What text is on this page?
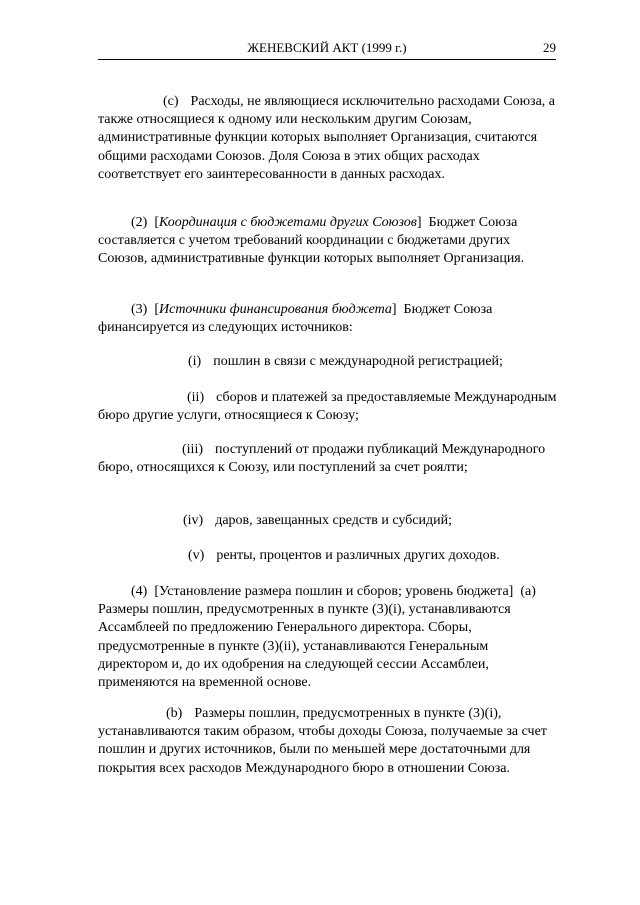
ЖЕНЕВСКИЙ АКТ (1999 г.)	29
(c) Расходы, не являющиеся исключительно расходами Союза, а также относящиеся к одному или нескольким другим Союзам, административные функции которых выполняет Организация, считаются общими расходами Союзов. Доля Союза в этих общих расходах соответствует его заинтересованности в данных расходах.
(2)  [Координация с бюджетами других Союзов]  Бюджет Союза составляется с учетом требований координации с бюджетами других Союзов, административные функции которых выполняет Организация.
(3)  [Источники финансирования бюджета]  Бюджет Союза финансируется из следующих источников:
(i) пошлин в связи с международной регистрацией;
(ii) сборов и платежей за предоставляемые Международным бюро другие услуги, относящиеся к Союзу;
(iii) поступлений от продажи публикаций Международного бюро, относящихся к Союзу, или поступлений за счет роялти;
(iv) даров, завещанных средств и субсидий;
(v) ренты, процентов и различных других доходов.
(4)  [Установление размера пошлин и сборов; уровень бюджета]  (a)  Размеры пошлин, предусмотренных в пункте (3)(i), устанавливаются Ассамблеей по предложению Генерального директора. Сборы, предусмотренные в пункте (3)(ii), устанавливаются Генеральным директором и, до их одобрения на следующей сессии Ассамблеи, применяются на временной основе.
(b) Размеры пошлин, предусмотренных в пункте (3)(i), устанавливаются таким образом, чтобы доходы Союза, получаемые за счет пошлин и других источников, были по меньшей мере достаточными для покрытия всех расходов Международного бюро в отношении Союза.
